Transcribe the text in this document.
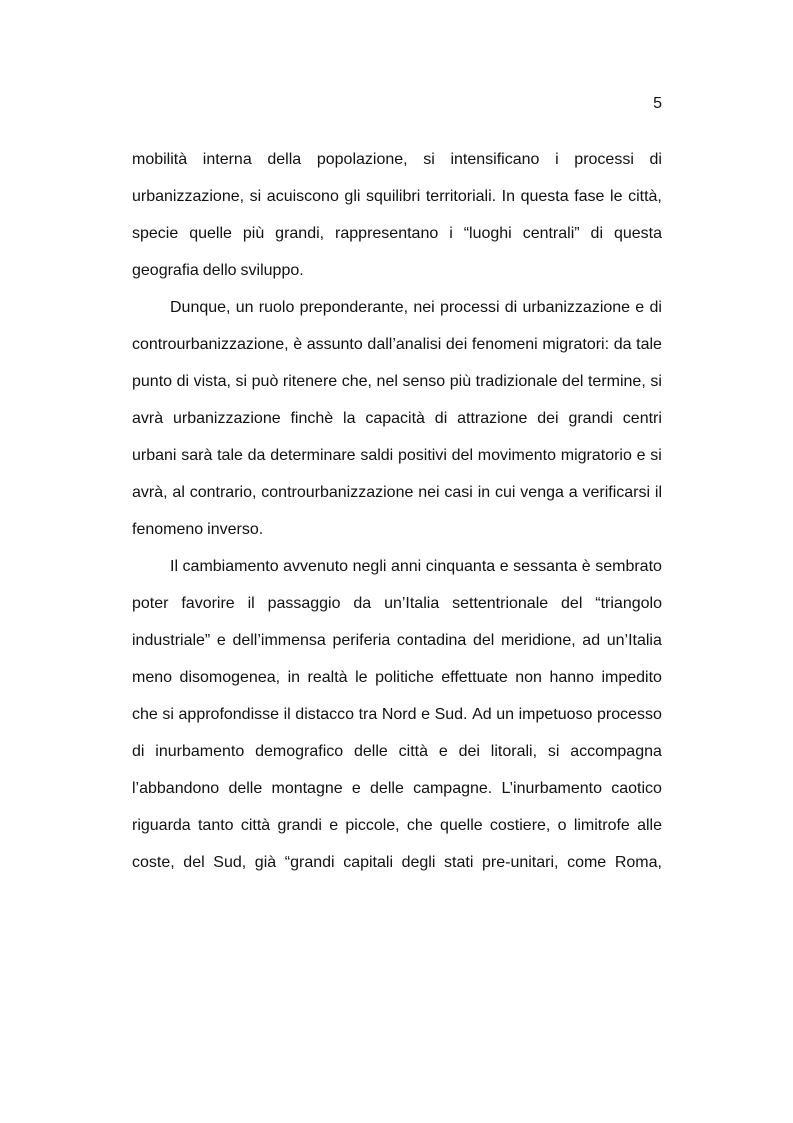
5
mobilità interna della popolazione, si intensificano i processi di
urbanizzazione, si acuiscono gli squilibri territoriali. In questa fase le città,
specie quelle più grandi, rappresentano i “luoghi centrali” di questa
geografia dello sviluppo.
Dunque, un ruolo preponderante, nei processi di urbanizzazione e di
controurbanizzazione, è assunto dall’analisi dei fenomeni migratori: da tale
punto di vista, si può ritenere che, nel senso più tradizionale del termine, si
avrà urbanizzazione finchè la capacità di attrazione dei grandi centri
urbani sarà tale da determinare saldi positivi del movimento migratorio e si
avrà, al contrario, controurbanizzazione nei casi in cui venga a verificarsi il
fenomeno inverso.
Il cambiamento avvenuto negli anni cinquanta e sessanta è sembrato
poter favorire il passaggio da un’Italia settentrionale del “triangolo
industriale” e dell’immensa periferia contadina del meridione, ad un’Italia
meno disomogenea, in realtà le politiche effettuate non hanno impedito
che si approfondisse il distacco tra Nord e Sud. Ad un impetuoso processo
di inurbamento demografico delle città e dei litorali, si accompagna
l’abbandono delle montagne e delle campagne. L’inurbamento caotico
riguarda tanto città grandi e piccole, che quelle costiere, o limitrofe alle
coste, del Sud, già “grandi capitali degli stati pre-unitari, come Roma,
